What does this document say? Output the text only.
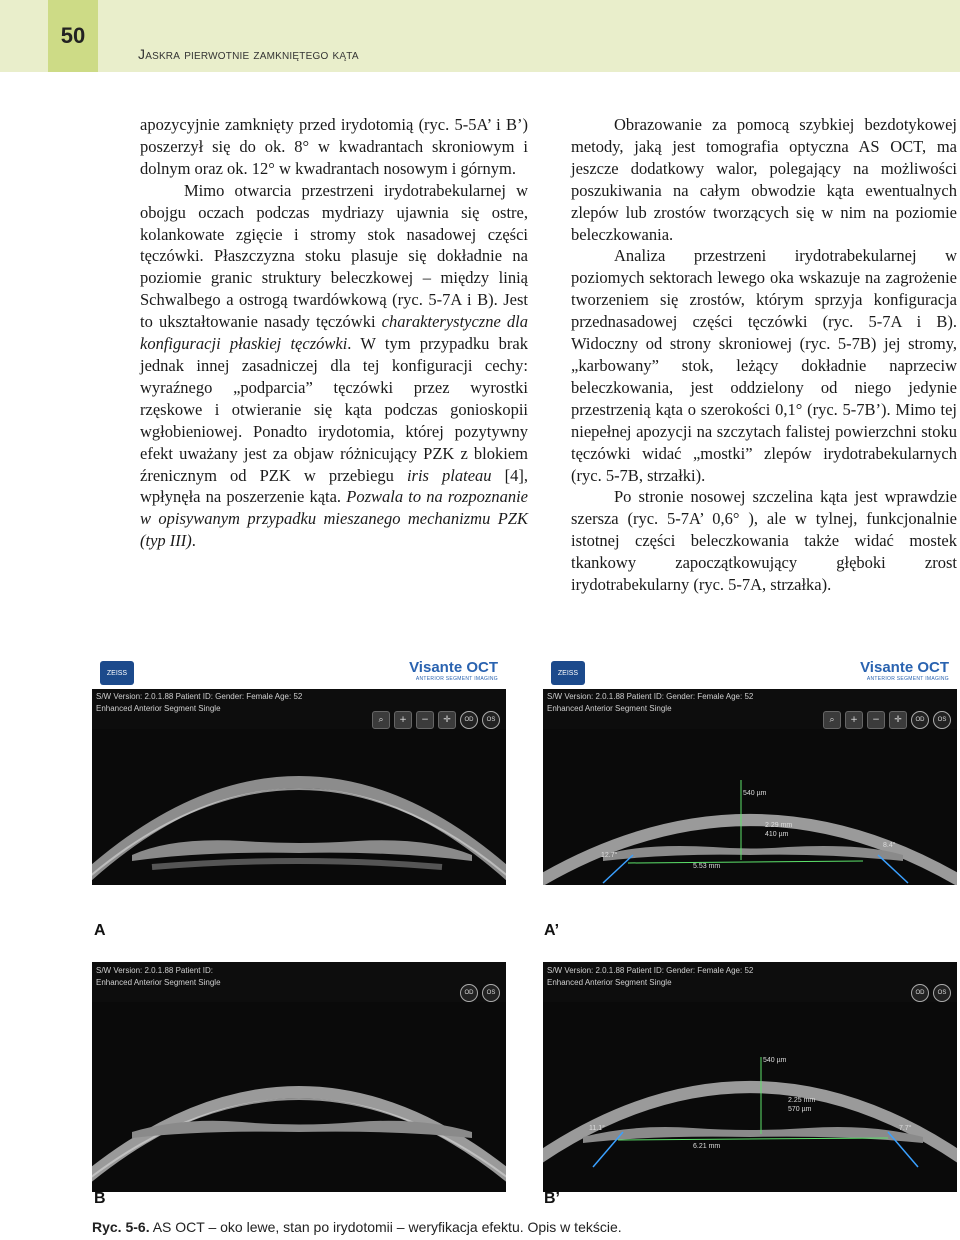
50
Jaskra pierwotnie zamkniętego kąta

apozycyjnie zamknięty przed irydotomią (ryc. 5-5A’ i B’) poszerzył się do ok. 8° w kwadrantach skroniowym i dolnym oraz ok. 12° w kwadrantach nosowym i górnym.

Mimo otwarcia przestrzeni irydotrabekularnej w obojgu oczach podczas mydriazy ujawnia się ostre, kolankowate zgięcie i stromy stok nasadowej części tęczówki. Płaszczyzna stoku plasuje się dokładnie na poziomie granic struktury beleczkowej – między linią Schwalbego a ostrogą twardówkową (ryc. 5-7A i B). Jest to ukształtowanie nasady tęczówki charakterystyczne dla konfiguracji płaskiej tęczówki. W tym przypadku brak jednak innej zasadniczej dla tej konfiguracji cechy: wyraźnego „podparcia” tęczówki przez wyrostki rzęskowe i otwieranie się kąta podczas gonioskopii wgłobieniowej. Ponadto irydotomia, której pozytywny efekt uważany jest za objaw różnicujący PZK z blokiem źrenicznym od PZK w przebiegu iris plateau [4], wpłynęła na poszerzenie kąta. Pozwala to na rozpoznanie w opisywanym przypadku mieszanego mechanizmu PZK (typ III).

Obrazowanie za pomocą szybkiej bezdotykowej metody, jaką jest tomografia optyczna AS OCT, ma jeszcze dodatkowy walor, polegający na możliwości poszukiwania na całym obwodzie kąta ewentualnych zlepów lub zrostów tworzących się w nim na poziomie beleczkowania.

Analiza przestrzeni irydotrabekularnej w poziomych sektorach lewego oka wskazuje na zagrożenie tworzeniem się zrostów, którym sprzyja konfiguracja przednasadowej części tęczówki (ryc. 5-7A i B). Widoczny od strony skroniowej (ryc. 5-7B) jej stromy, „karbowany” stok, leżący dokładnie naprzeciw beleczkowania, jest oddzielony od niego jedynie przestrzenią kąta o szerokości 0,1° (ryc. 5-7B’). Mimo tej niepełnej apozycji na szczytach falistej powierzchni stoku tęczówki widać „mostki” zlepów irydotrabekularnych (ryc. 5-7B, strzałki).

Po stronie nosowej szczelina kąta jest wprawdzie szersza (ryc. 5-7A’ 0,6° ), ale w tylnej, funkcjonalnie istotnej części beleczkowania także widać mostek tkankowy zapoczątkowujący głęboki zrost irydotrabekularny (ryc. 5-7A, strzałka).

ZEISS	Visante OCT
ANTERIOR SEGMENT IMAGING
S/W Version: 2.0.1.88 Patient ID: Gender: Female Age: 52
Enhanced Anterior Segment Single
⌕	+	−	✛	OD	OS
ZEISS	Visante OCT
ANTERIOR SEGMENT IMAGING
S/W Version: 2.0.1.88 Patient ID: Gender: Female Age: 52
Enhanced Anterior Segment Single
⌕	+	−	✛	OD	OS
540 µm
2.29 mm
410 µm
5.53 mm
12.7°
8.4°
A	A’
S/W Version: 2.0.1.88 Patient ID:
Enhanced Anterior Segment Single
OD	OS
S/W Version: 2.0.1.88 Patient ID: Gender: Female Age: 52
Enhanced Anterior Segment Single
OD	OS
540 µm
2.25 mm
570 µm
6.21 mm
11.1°	7.7°
B	B’
Ryc. 5-6. AS OCT – oko lewe, stan po irydotomii – weryfikacja efektu. Opis w tekście.
